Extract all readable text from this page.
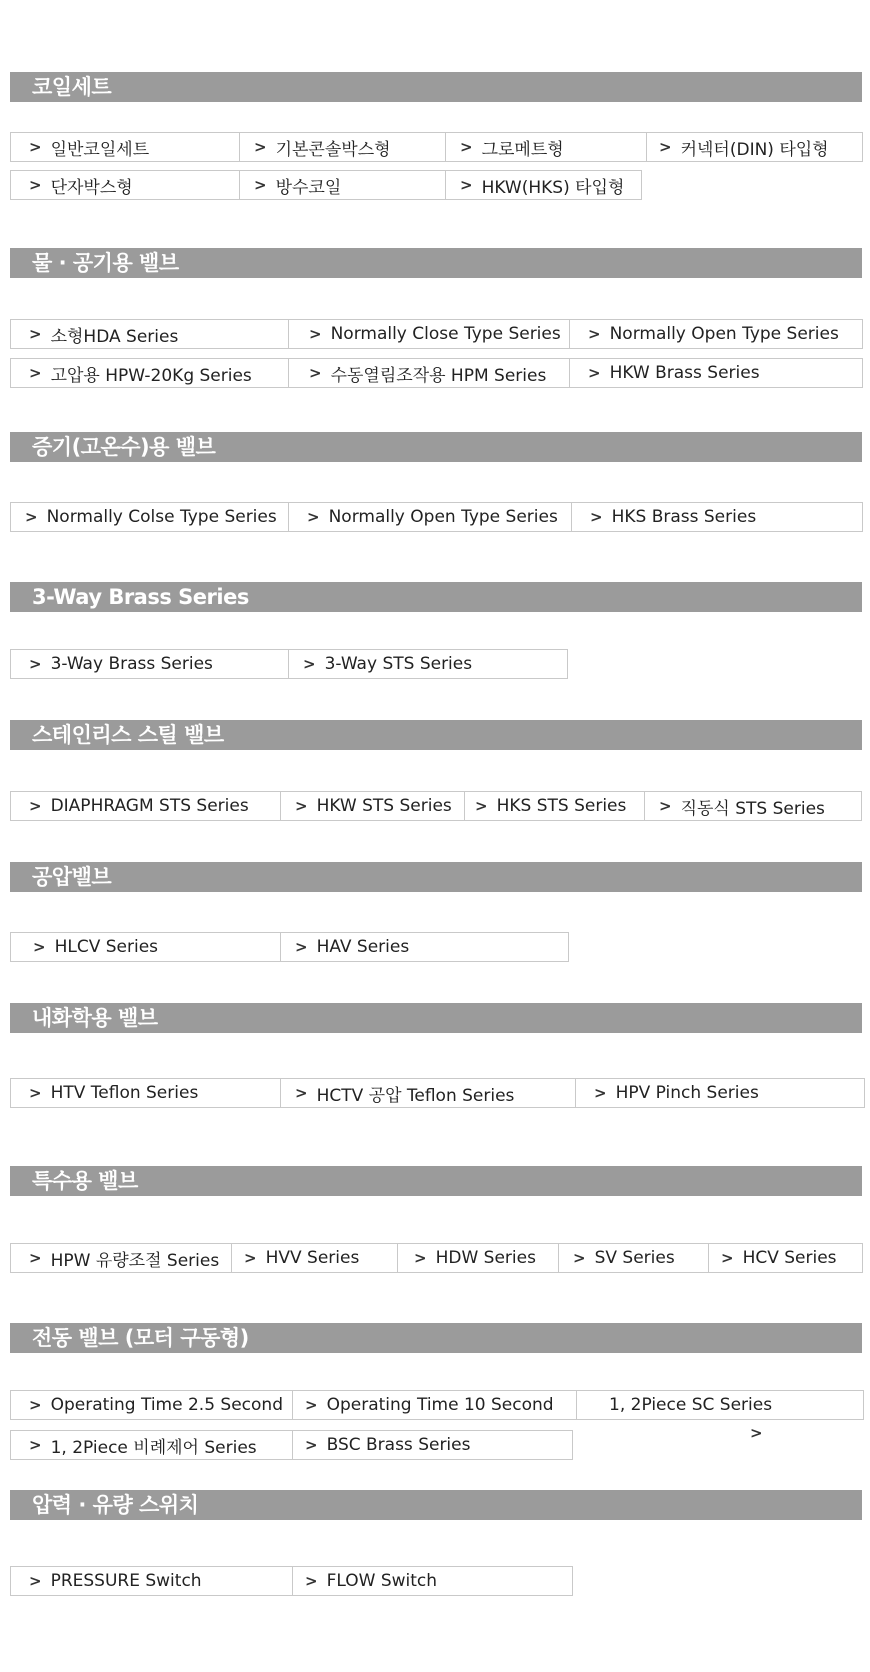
코일세트
> 일반코일세트	> 기본콘솔박스형	> 그로메트형	> 커넥터(DIN) 타입형
> 단자박스형	> 방수코일	> HKW(HKS) 타입형
물 · 공기용 밸브
> 소형HDA Series	> Normally Close Type Series > Normally Open Type Series
> 고압용 HPW-20Kg Series	> 수동열림조작용 HPM Series	> HKW Brass Series
증기(고온수)용 밸브
> Normally Colse Type Series > Normally Open Type Series > HKS Brass Series
3-Way Brass Series
> 3-Way Brass Series	> 3-Way STS Series
스테인리스 스틸 밸브
> DIAPHRAGM STS Series	> HKW STS Series > HKS STS Series > 직동식 STS Series
공압밸브
> HLCV Series	> HAV Series
내화학용 밸브
> HTV Teflon Series	> HCTV 공압 Teflon Series	> HPV Pinch Series
특수용 밸브
> HPW 유량조절 Series > HVV Series	> HDW Series > SV Series	> HCV Series
전동 밸브 (모터 구동형)
> Operating Time 2.5 Second > Operating Time 10 Second	1, 2Piece SC Series
>
> 1, 2Piece 비례제어 Series	> BSC Brass Series
압력 · 유량 스위치
> PRESSURE Switch	> FLOW Switch
